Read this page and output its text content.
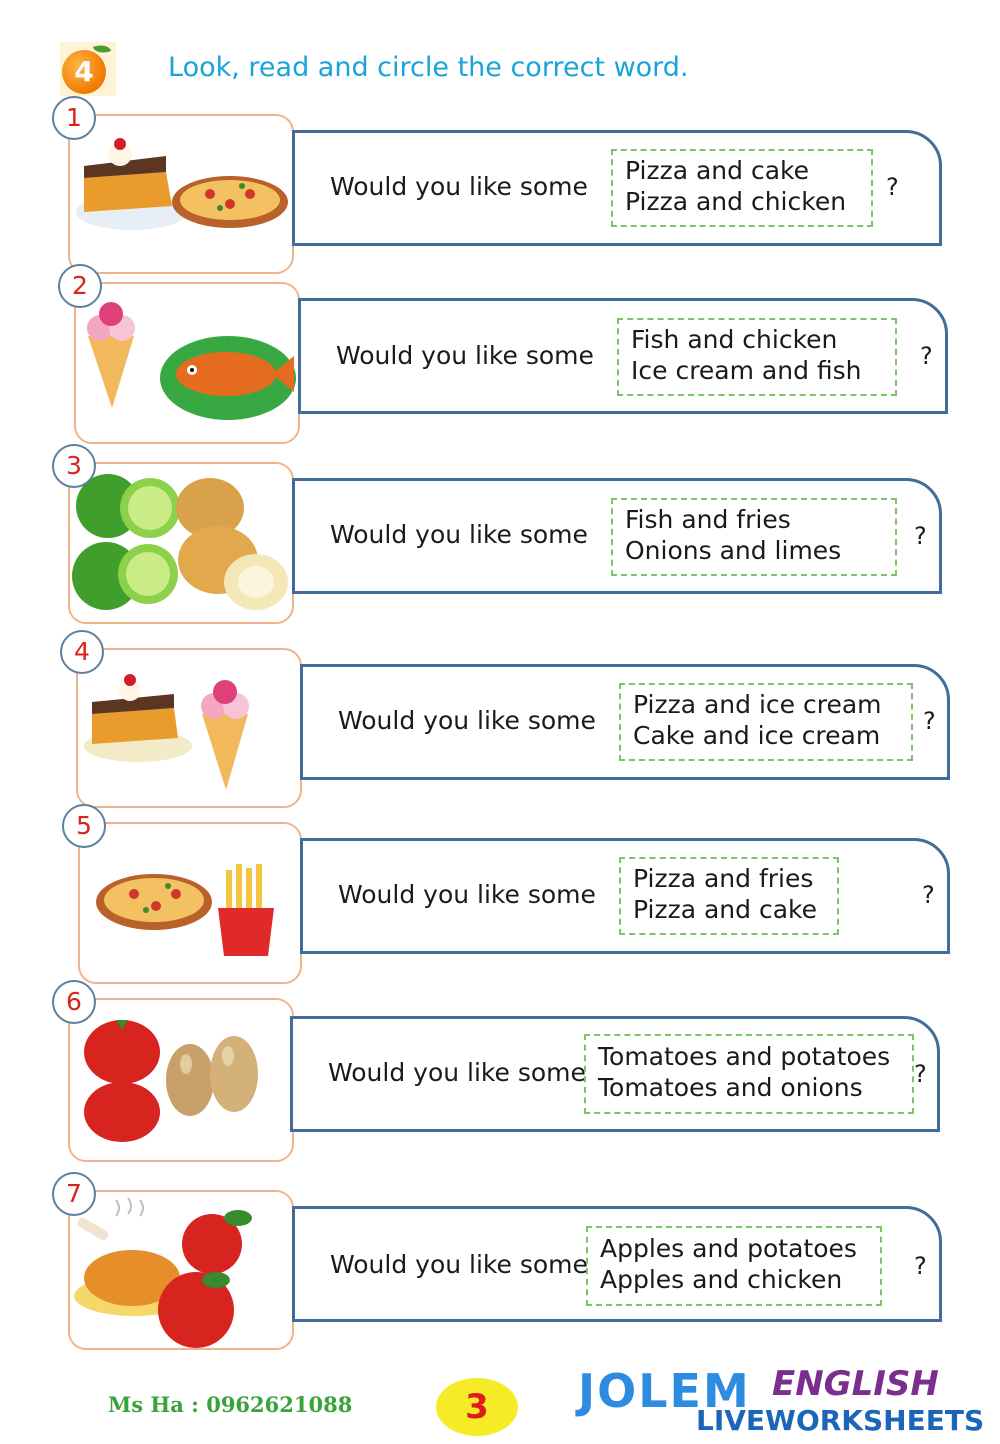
4	Look, read and circle the correct word.
1
Would you like some
Pizza and cake
Pizza and chicken ?
2
Would you like some
Fish and chicken
Ice cream and fish ?
3
Would you like some
Fish and fries
Onions and limes	?
4
Would you like some
Pizza and ice cream
Cake and ice cream ?
5
Would you like some
Pizza and fries
Pizza and cake	?
6
Would you like some
Tomatoes and potatoes
Tomatoes and onions ?
7
Would you like some
Apples and potatoes
Apples and chicken	?
Ms Ha : 0962621088	3	JOLEM ENGLISH
LIVEWORKSHEETS
